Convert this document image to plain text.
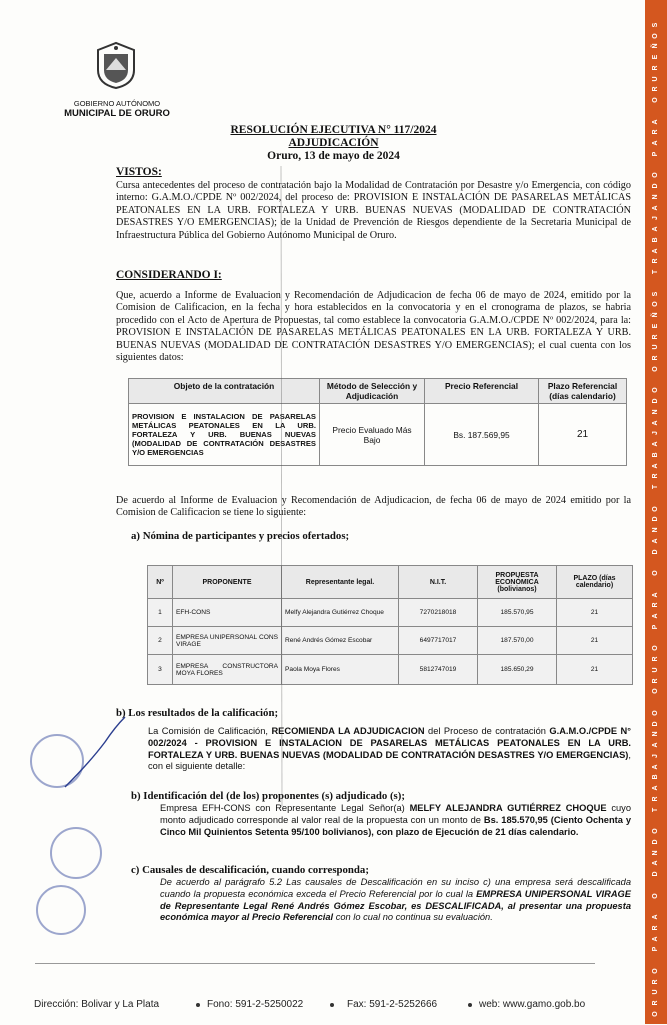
O
R
U
R
O
P
A
R
A
O
D
A
N
D
O
T
R
A
B
A
J
A
N
D
O
O
R
U
R
O
P
A
R
A
O
D
A
N
D
O
T
R
A
B
A
J
A
N
D
O
O
R
U
R
E
Ñ
O
S
T
R
A
B
A
J
A
N
D
O
P
A
R
A
O
R
U
R
E
Ñ
O
S
GOBIERNO AUTÓNOMO
MUNICIPAL DE ORURO
RESOLUCIÓN EJECUTIVA N° 117/2024
ADJUDICACIÓN
Oruro, 13 de mayo de 2024
VISTOS:

Cursa antecedentes del proceso de contratación bajo la Modalidad de Contratación por Desastre y/o Emergencia, con código interno: G.A.M.O./CPDE Nº 002/2024, del proceso de: PROVISION E INSTALACIÓN DE PASARELAS METÁLICAS PEATONALES EN LA URB. FORTALEZA Y URB. BUENAS NUEVAS (MODALIDAD DE CONTRATACIÓN DESASTRES Y/O EMERGENCIAS); de la Unidad de Prevención de Riesgos dependiente de la Secretaria Municipal de Infraestructura Pública del Gobierno Autónomo Municipal de Oruro.

CONSIDERANDO I:

Que, acuerdo a Informe de Evaluacion y Recomendación de Adjudicacion de fecha 06 de mayo de 2024, emitido por la Comision de Calificacion, en la fecha y hora establecidos en la convocatoria y en el cronograma de plazos, se habria procedido con el Acto de Apertura de Propuestas, tal como establece la convocatoria G.A.M.O./CPDE Nº 002/2024, para la: PROVISION E INSTALACIÓN DE PASARELAS METÁLICAS PEATONALES EN LA URB. FORTALEZA Y URB. BUENAS NUEVAS (MODALIDAD DE CONTRATACIÓN DESASTRES Y/O EMERGENCIAS); el cual cuenta con los siguientes datos:

Objeto de la contratación	Método de Selección y Adjudicación	Precio Referencial	Plazo Referencial (días calendario)
PROVISION E INSTALACION DE PASARELAS METÁLICAS PEATONALES EN LA URB. FORTALEZA Y URB. BUENAS NUEVAS (MODALIDAD DE CONTRATACIÓN DESASTRES Y/O EMERGENCIAS	Precio Evaluado Más Bajo	Bs. 187.569,95	21

De acuerdo al Informe de Evaluacion y Recomendación de Adjudicacion, de fecha 06 de mayo de 2024 emitido por la Comision de Calificacion se tiene lo siguiente:

a) Nómina de participantes y precios ofertados;
Nº	PROPONENTE	Representante legal.	N.I.T.	PROPUESTA ECONÓMICA (bolivianos)	PLAZO (días calendario)
1	EFH-CONS	Melfy Alejandra Gutiérrez Choque	7270218018	185.570,95	21
2	EMPRESA UNIPERSONAL CONS VIRAGE	René Andrés Gómez Escobar	6497717017	187.570,00	21
3	EMPRESA CONSTRUCTORA MOYA FLORES	Paola Moya Flores	5812747019	185.650,29	21
b) Los resultados de la calificación;

La Comisión de Calificación, RECOMIENDA LA ADJUDICACION del Proceso de contratación G.A.M.O./CPDE N° 002/2024 - PROVISION E INSTALACION DE PASARELAS METÁLICAS PEATONALES EN LA URB. FORTALEZA Y URB. BUENAS NUEVAS (MODALIDAD DE CONTRATACIÓN DESASTRES Y/O EMERGENCIAS), con el siguiente detalle:

b) Identificación del (de los) proponentes (s) adjudicado (s);

Empresa EFH-CONS con Representante Legal Señor(a) MELFY ALEJANDRA GUTIÉRREZ CHOQUE cuyo monto adjudicado corresponde al valor real de la propuesta con un monto de Bs. 185.570,95 (Ciento Ochenta y Cinco Mil Quinientos Setenta 95/100 bolivianos), con plazo de Ejecución de 21 días calendario.

c) Causales de descalificación, cuando corresponda;

De acuerdo al parágrafo 5.2 Las causales de Descalificación en su inciso c) una empresa será descalificada cuando la propuesta económica exceda el Precio Referencial por lo cual la EMPRESA UNIPERSONAL VIRAGE de Representante Legal René Andrés Gómez Escobar, es DESCALIFICADA, al presentar una propuesta económica mayor al Precio Referencial con lo cual no continua su evaluación.

Dirección: Bolivar y La Plata	Fono: 591-2-5250022	Fax: 591-2-5252666	web: www.gamo.gob.bo
